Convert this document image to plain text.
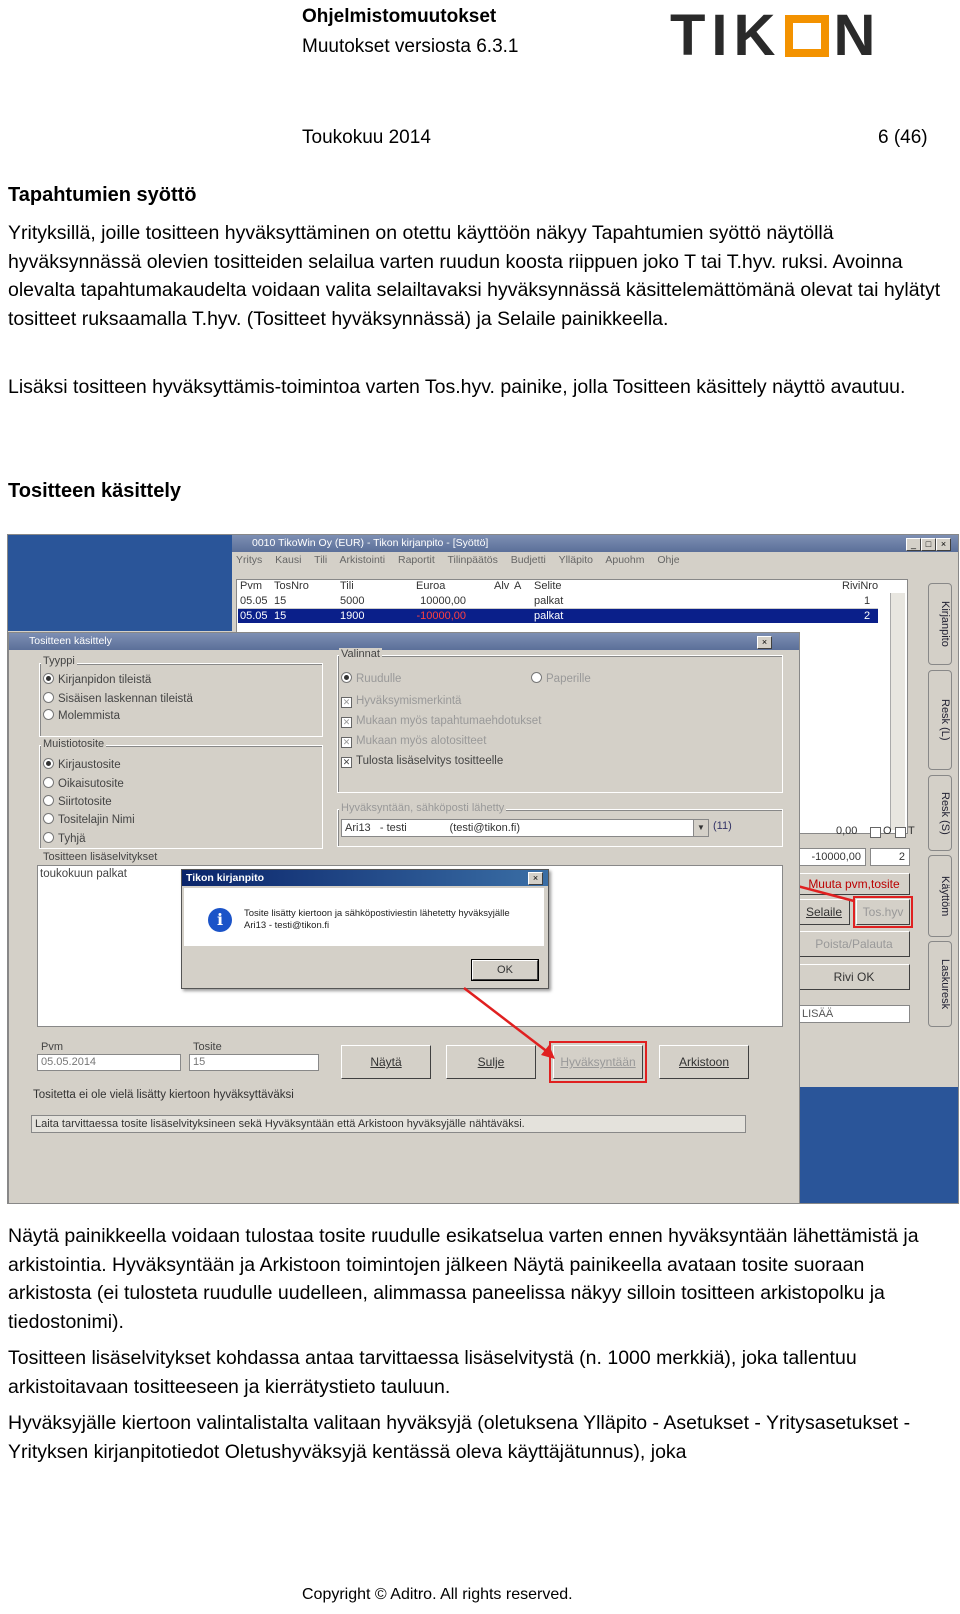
Ohjelmistomuutokset
Muutokset versiosta 6.3.1	TIK N
Toukokuu 2014	6 (46)
Tapahtumien syöttö
Yrityksillä, joille tositteen hyväksyttäminen on otettu käyttöön näkyy Tapahtumien syöttö näytöllä hyväksynnässä olevien tositteiden selailua varten ruudun koosta riippuen joko T tai T.hyv. ruksi. Avoinna olevalta tapahtumakaudelta voidaan valita selailtavaksi hyväksynnässä käsittelemättömänä olevat tai hylätyt tositteet ruksaamalla T.hyv. (Tositteet hyväksynnässä) ja Selaile painikkeella.
Lisäksi tositteen hyväksyttämis-toimintoa varten Tos.hyv. painike, jolla Tositteen käsittely näyttö avautuu.
Tositteen käsittely
0010 TikoWin Oy (EUR) - Tikon kirjanpito - [Syöttö]	_	□	×
Yritys Kausi Tili Arkistointi Raportit Tilinpäätös Budjetti Ylläpito Apuohm Ohje
Pvm TosNro	Tili	Euroa	Alv A Selite	RiviNro
05.05 15	5000	10000,00	palkat	1
05.05 15	1900	-10000,00	palkat	2
0,00	O T
-10000,00	2
Muuta pvm,tosite
Selaile	Tos.hyv
Poista/Palauta
Rivi OK
LISÄÄ
Kirjanpito
Resk (L)
Resk (S)
Käyttöm
Laskuresk
Tositteen käsittely	×
Tyyppi
Kirjanpidon tileistä
Sisäisen laskennan tileistä
Molemmista
Muistiotosite
Kirjaustosite
Oikaisutosite
Siirtotosite
Tositelajin Nimi
Tyhjä
Valinnat
Ruudulle	Paperille
✕ Hyväksymismerkintä
✕ Mukaan myös tapahtumaehdotukset
✕ Mukaan myös alotositteet
✕ Tulosta lisäselvitys tositteelle
Hyväksyntään, sähköposti lähetty
Ari13   - testi              (testi@tikon.fi)	▼ (11)
Tositteen lisäselvitykset
toukokuun palkat	Tikon kirjanpito	×
i	Tosite lisätty kiertoon ja sähköpostiviestin lähetetty hyväksyjälle
Ari13 - testi@tikon.fi
OK
Pvm
05.05.2014
Tosite
15	Näytä	Sulje	Hyväksyntään	Arkistoon
Tositetta ei ole vielä lisätty kiertoon hyväksyttäväksi
Laita tarvittaessa tosite lisäselvityksineen sekä Hyväksyntään että Arkistoon hyväksyjälle nähtäväksi.
Näytä painikkeella voidaan tulostaa tosite ruudulle esikatselua varten ennen hyväksyntään lähettämistä ja arkistointia. Hyväksyntään ja Arkistoon toimintojen jälkeen Näytä painikeella avataan tosite suoraan arkistosta (ei tulosteta ruudulle uudelleen, alimmassa paneelissa näkyy silloin tositteen arkistopolku ja tiedostonimi).
Tositteen lisäselvitykset kohdassa antaa tarvittaessa lisäselvitystä (n. 1000 merkkiä), joka tallentuu arkistoitavaan tositteeseen ja kierrätystieto tauluun.
Hyväksyjälle kiertoon valintalistalta valitaan hyväksyjä (oletuksena Ylläpito - Asetukset - Yritysasetukset - Yrityksen kirjanpitotiedot Oletushyväksyjä kentässä oleva käyttäjätunnus), joka
Copyright © Aditro. All rights reserved.
